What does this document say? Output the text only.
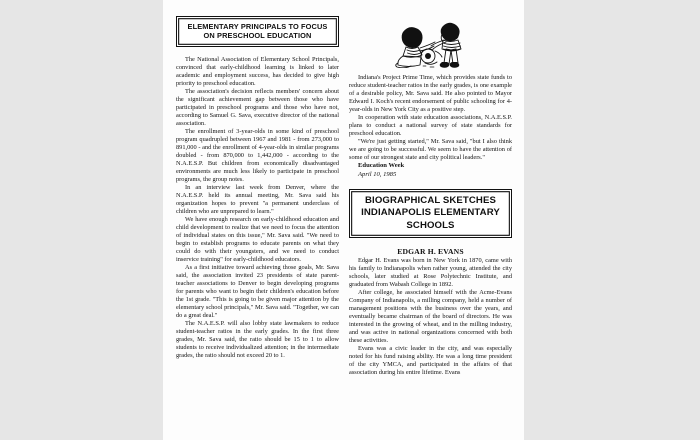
ELEMENTARY PRINCIPALS TO FOCUS
ON PRESCHOOL EDUCATION

The National Association of Elementary School Principals, convinced that early-childhood learning is linked to later academic and employment success, has decided to give high priority to preschool education.

The association's decision reflects members' concern about the significant achievement gap between those who have participated in preschool programs and those who have not, according to Samuel G. Sava, executive director of the national association.

The enrollment of 3-year-olds in some kind of preschool program quadrupled between 1967 and 1981 - from 273,000 to 891,000 - and the enrollment of 4-year-olds in similar programs doubled - from 870,000 to 1,442,000 - according to the N.A.E.S.P. But children from economically disadvantaged environments are much less likely to participate in preschool programs, the group notes.

In an interview last week from Denver, where the N.A.E.S.P. held its annual meeting, Mr. Sava said his organization hopes to prevent "a permanent underclass of children who are unprepared to learn."

We have enough research on early-childhood education and child development to realize that we need to focus the attention of individual states on this issue," Mr. Sava said. "We need to begin to establish programs to educate parents on what they could do with their youngsters, and we need to conduct inservice training" for early-childhood educators.

As a first initiative toward achieving those goals, Mr. Sava said, the association invited 23 presidents of state parent-teacher associations to Denver to begin developing programs for parents who want to begin their children's education before the 1st grade. "This is going to be given major attention by the elementary school principals," Mr. Sava said. "Together, we can do a great deal."

The N.A.E.S.P. will also lobby state lawmakers to reduce student-teacher ratios in the early grades. In the first three grades, Mr. Sava said, the ratio should be 15 to 1 to allow students to receive individualized attention; in the intermediate grades, the ratio should not exceed 20 to 1.

Indiana's Project Prime Time, which provides state funds to reduce student-teacher ratios in the early grades, is one example of a desirable policy, Mr. Sava said. He also pointed to Mayor Edward I. Koch's recent endorsement of public schooling for 4-year-olds in New York City as a positive step.

In cooperation with state education associations, N.A.E.S.P. plans to conduct a national survey of state standards for preschool education.

"We're just getting started," Mr. Sava said, "but I also think we are going to be successful. We seem to have the attention of some of our strongest state and city political leaders."

Education Week

April 10, 1985

BIOGRAPHICAL SKETCHES
INDIANAPOLIS ELEMENTARY
SCHOOLS
EDGAR H. EVANS

Edgar H. Evans was born in New York in 1870, came with his family to Indianapolis when rather young, attended the city schools, later studied at Rose Polytechnic Institute, and graduated from Wabash College in 1892.

After college, he associated himself with the Acme-Evans Company of Indianapolis, a milling company, held a number of management positions with the business over the years, and eventually became chairman of the board of directors. He was interested in the growing of wheat, and in the milling industry, and was active in national organizations concerned with both these activities.

Evans was a civic leader in the city, and was especially noted for his fund raising ability. He was a long time president of the city YMCA, and participated in the affairs of that association during his entire lifetime. Evans
